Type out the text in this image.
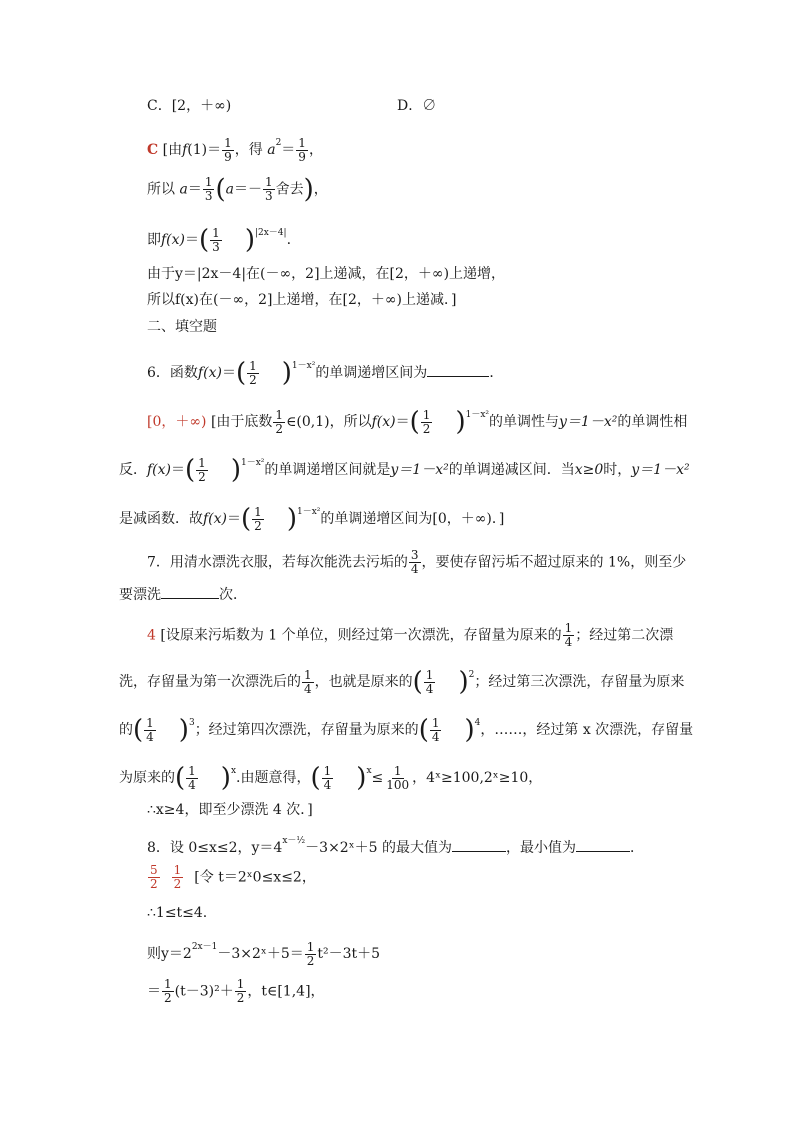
C．[2，＋∞)	D．∅
C [由$f(1)= \frac{1}{9}$ ，得 $a^2= \frac{1}{9}$ ，
所以 $a= \frac{1}{3} (a=- \frac{1}{3}$ 舍去)，
即$f(x)=( \frac{1}{3} )^{|2x-4|}$.
由于y＝|2x－4|在(－∞，2]上递减，在[2，＋∞)上递增，
所以f(x)在(－∞，2]上递增，在[2，＋∞)上递减．]
二、填空题
6．函数$f(x)=( \frac{1}{2} )^{1-x^2}$的单调递增区间为	．
[0，＋∞) [由于底数 $\frac{1}{2}$ ∈(0,1)，所以$f(x)=( \frac{1}{2} )^{1-x^2}$的单调性与y＝1－x²的单调性相
反．$f(x)=( \frac{1}{2} )^{1-x^2}$的单调递增区间就是y＝1－x²的单调递减区间．当x≥0时，y＝1－x²
是减函数．故$f(x)=( \frac{1}{2} )^{1-x^2}$的单调递增区间为[0，＋∞)．]
7．用清水漂洗衣服，若每次能洗去污垢的 $\frac{3}{4}$ ，要使存留污垢不超过原来的 1%，则至少
要漂洗	次．
4 [设原来污垢数为 1 个单位，则经过第一次漂洗，存留量为原来的 $\frac{1}{4}$ ；经过第二次漂
洗，存留量为第一次漂洗后的 $\frac{1}{4}$ ，也就是原来的( $\frac{1}{4} )^2$；经过第三次漂洗，存留量为原来
的( $\frac{1}{4} )^3$；经过第四次漂洗，存留量为原来的( $\frac{1}{4} )^4$，……，经过第 x 次漂洗，存留量
为原来的( $\frac{1}{4} )^x$.由题意得，( $\frac{1}{4} )^x\le \frac{1}{100}$ ，4ˣ≥100,2ˣ≥10，
∴x≥4，即至少漂洗 4 次．]
8．设 0≤x≤2，$y=4^{x-\frac{1}{2}}-3\times 2ˣ+5$ 的最大值为	，最小值为	．
$\frac{5}{2} \frac{1}{2}$ [令 t＝2ˣ0≤x≤2，
∴1≤t≤4.
则$y=2^{2x-1}-3\times 2ˣ+5= \frac{1}{2} t^2-3t+5$
＝ $\frac{1}{2} (t-3)^2+ \frac{1}{2}$ ，t∈[1,4]，
